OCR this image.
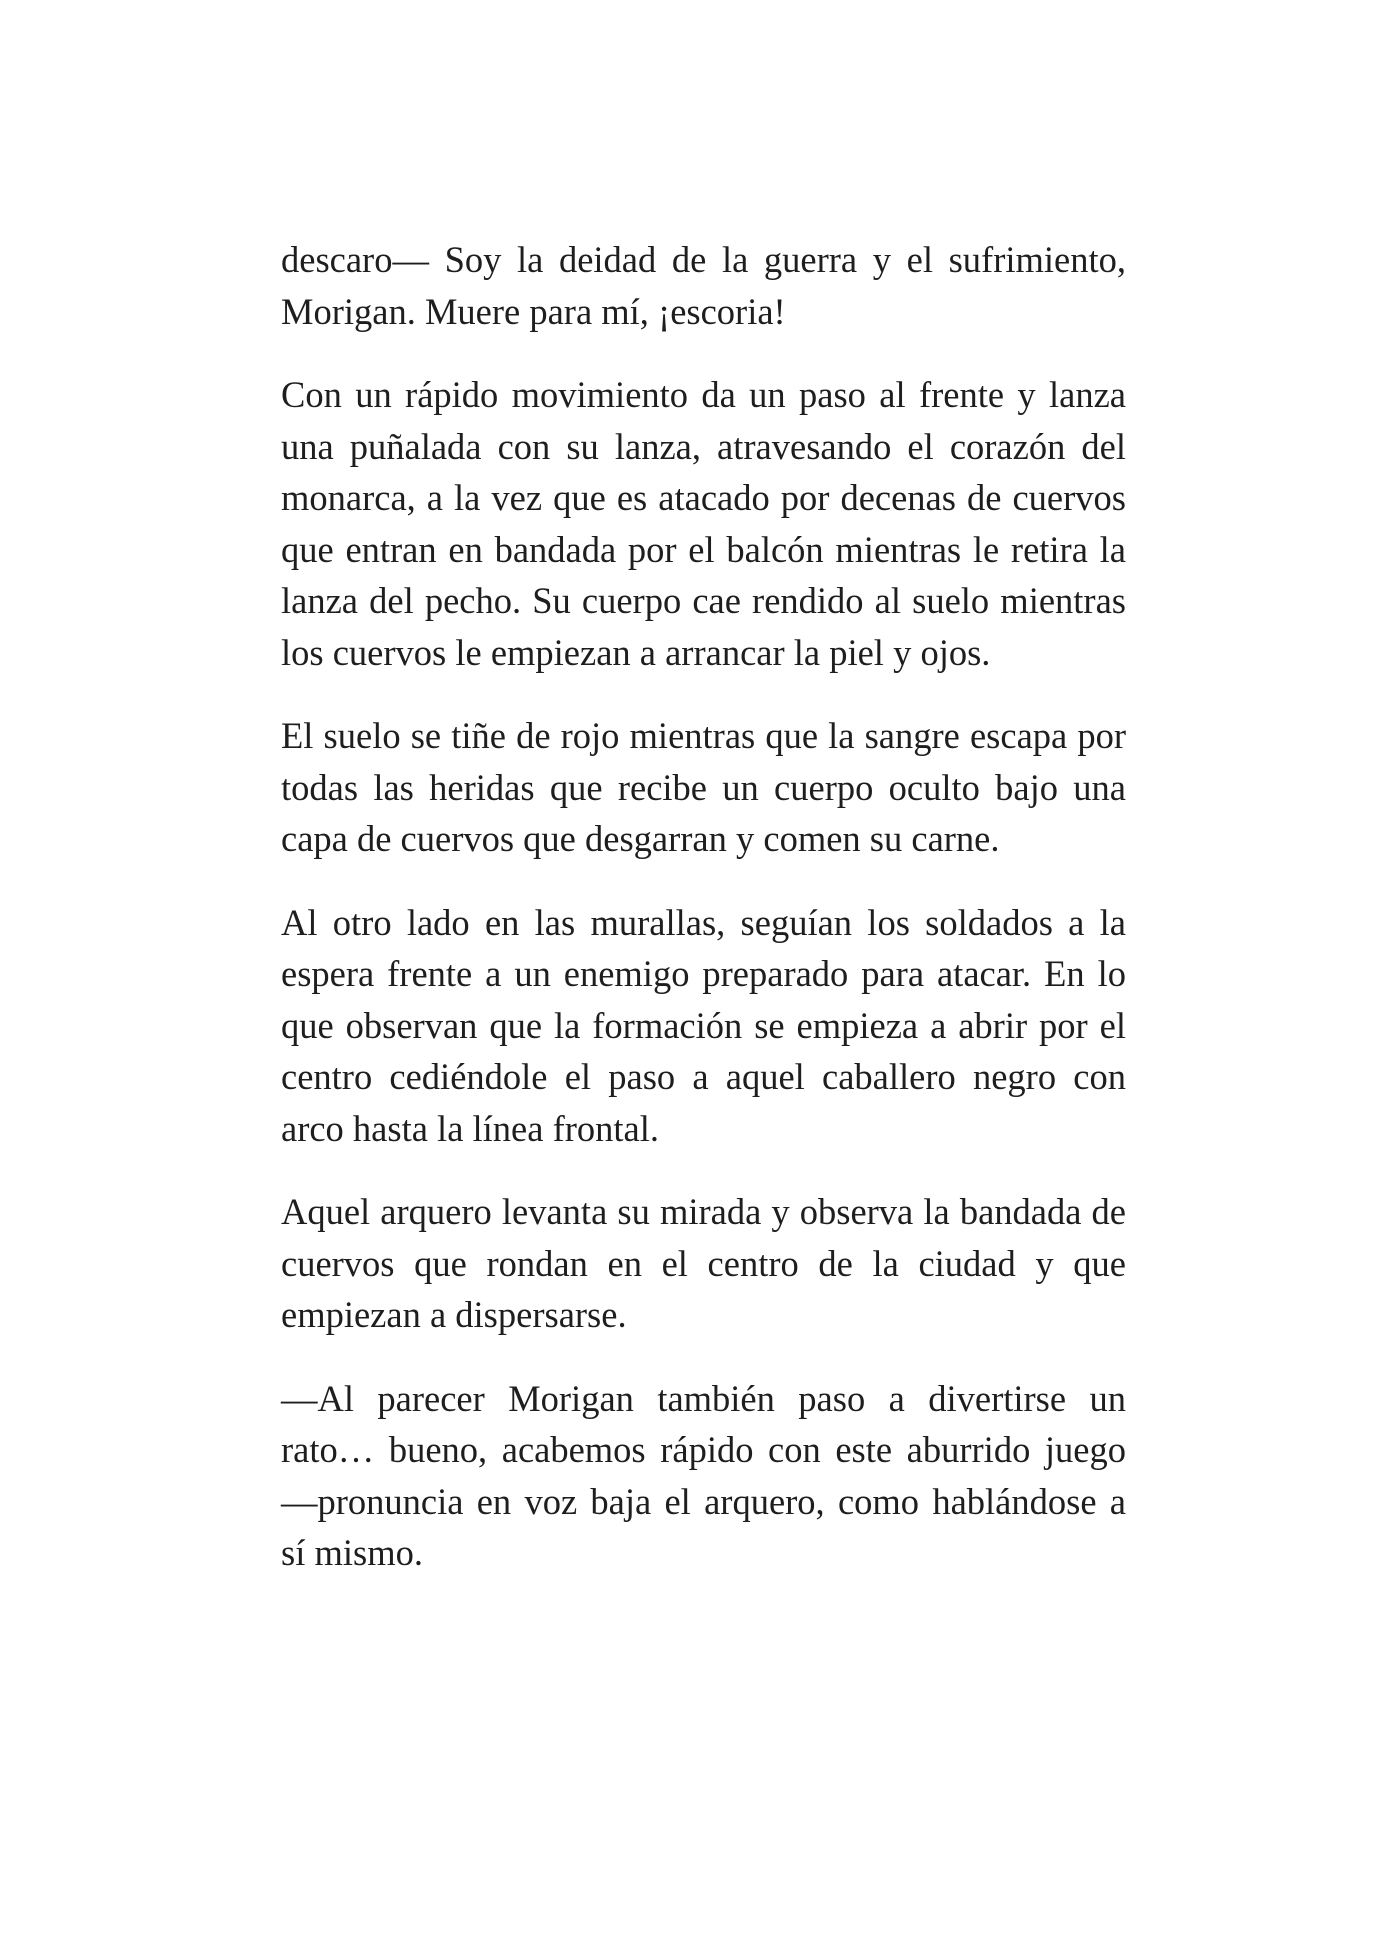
descaro— Soy la deidad de la guerra y el sufrimiento, Morigan. Muere para mí, ¡escoria!

Con un rápido movimiento da un paso al frente y lanza una puñalada con su lanza, atravesando el corazón del monarca, a la vez que es atacado por decenas de cuervos que entran en bandada por el balcón mientras le retira la lanza del pecho. Su cuerpo cae rendido al suelo mientras los cuervos le empiezan a arrancar la piel y ojos.

El suelo se tiñe de rojo mientras que la sangre escapa por todas las heridas que recibe un cuerpo oculto bajo una capa de cuervos que desgarran y comen su carne.

Al otro lado en las murallas, seguían los soldados a la espera frente a un enemigo preparado para atacar. En lo que observan que la formación se empieza a abrir por el centro cediéndole el paso a aquel caballero negro con arco hasta la línea frontal.

Aquel arquero levanta su mirada y observa la bandada de cuervos que rondan en el centro de la ciudad y que empiezan a dispersarse.

—Al parecer Morigan también paso a divertirse un rato… bueno, acabemos rápido con este aburrido juego —pronuncia en voz baja el arquero, como hablándose a sí mismo.
